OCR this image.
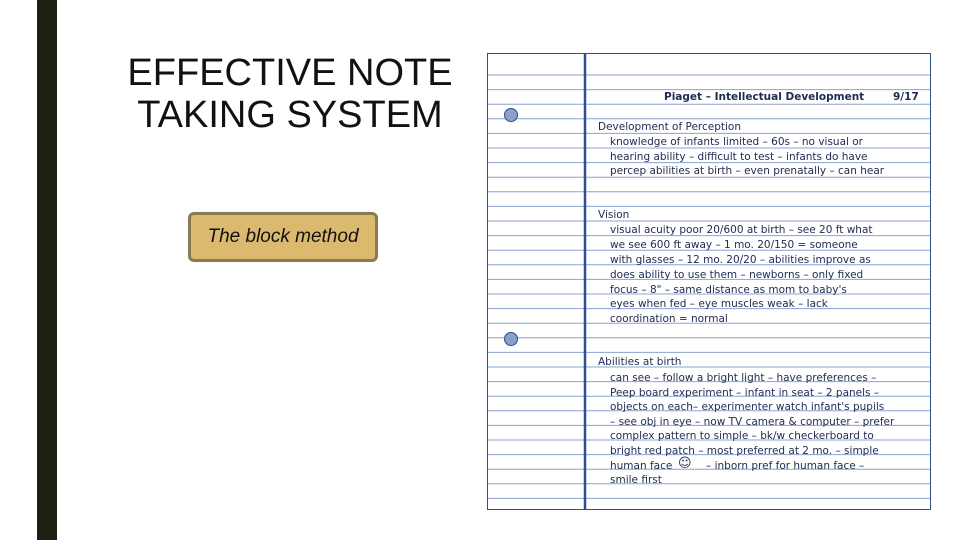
EFFECTIVE NOTE
TAKING SYSTEM
The block method
Piaget – Intellectual Development	9/17
Development of Perception
knowledge of infants limited – 60s – no visual or
hearing ability – difficult to test – infants do have
percep abilities at birth – even prenatally – can hear
Vision
visual acuity poor 20/600 at birth – see 20 ft what
we see 600 ft away – 1 mo. 20/150 = someone
with glasses – 12 mo. 20/20 – abilities improve as
does ability to use them – newborns – only fixed
focus – 8" – same distance as mom to baby's
eyes when fed – eye muscles weak – lack
coordination = normal
Abilities at birth
can see – follow a bright light – have preferences –
Peep board experiment – infant in seat – 2 panels –
objects on each– experimenter watch infant's pupils
– see obj in eye – now TV camera & computer – prefer
complex pattern to simple – bk/w checkerboard to
bright red patch – most preferred at 2 mo. – simple
human face ☺ – inborn pref for human face –
smile first
